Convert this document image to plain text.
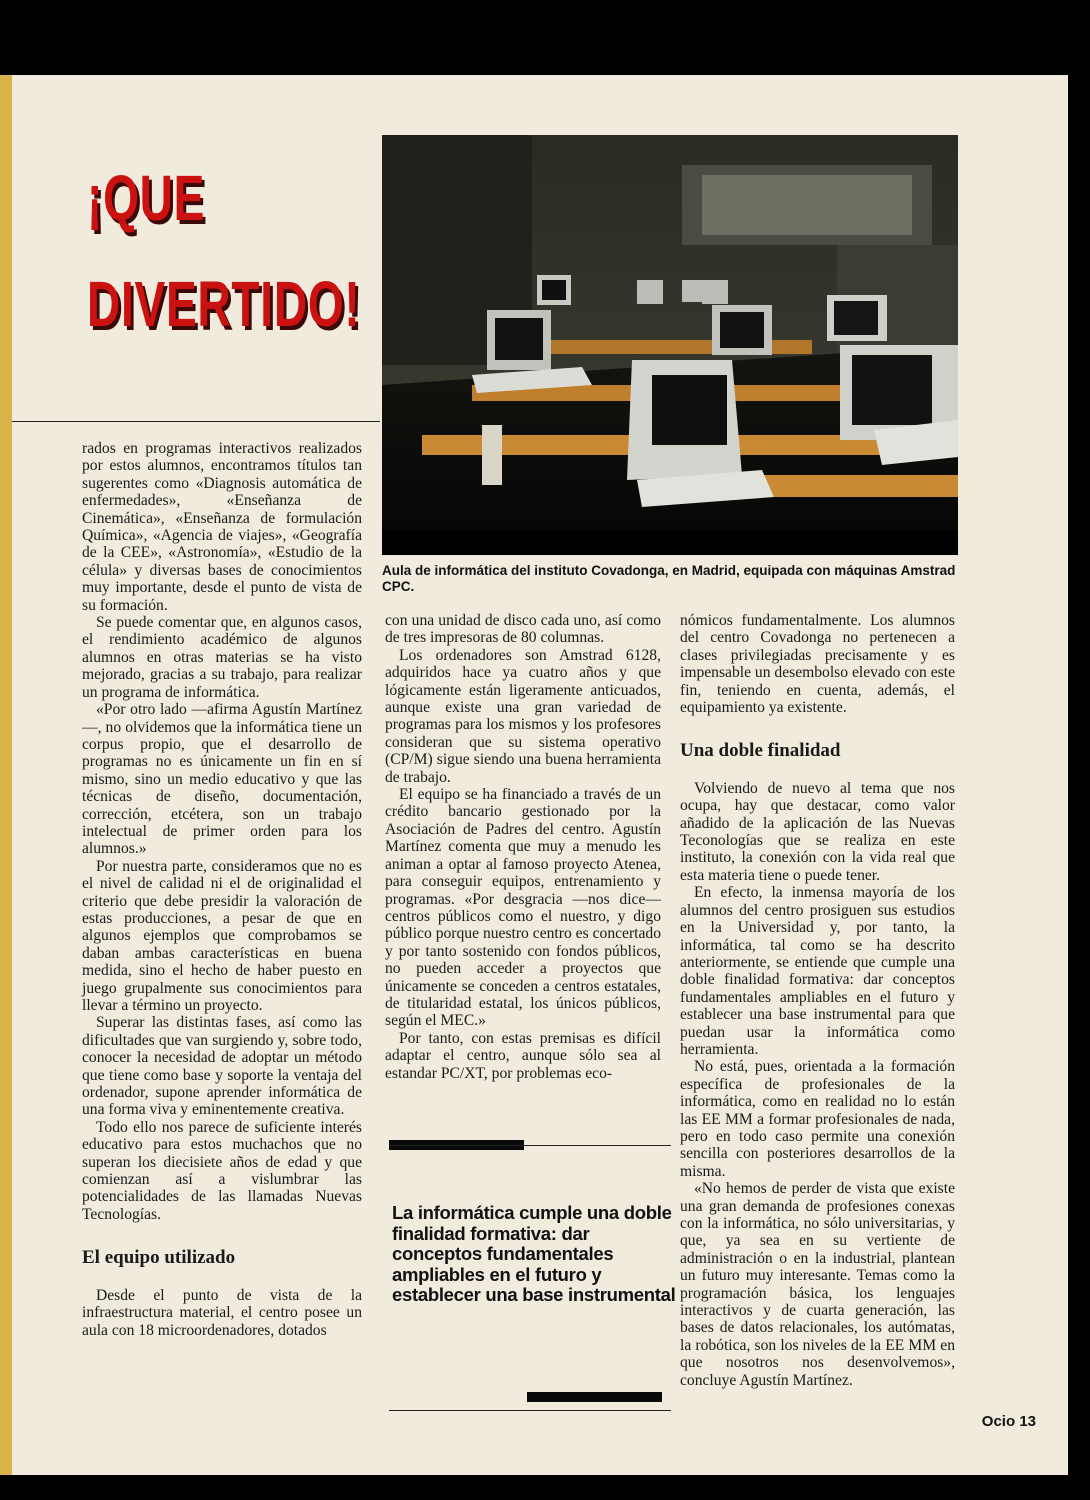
¡QUE
DIVERTIDO!

Aula de informática del instituto Covadonga, en Madrid, equipada con máquinas Amstrad CPC.

rados en programas interactivos realizados por estos alumnos, encontramos títulos tan sugerentes como «Diagnosis automática de enfermedades», «Enseñanza de Cinemática», «Enseñanza de formulación Química», «Agencia de viajes», «Geografía de la CEE», «Astronomía», «Estudio de la célula» y diversas bases de conocimientos muy importante, desde el punto de vista de su formación.

Se puede comentar que, en algunos casos, el rendimiento académico de algunos alumnos en otras materias se ha visto mejorado, gracias a su trabajo, para realizar un programa de informática.

«Por otro lado —afirma Agustín Martínez—, no olvidemos que la informática tiene un corpus propio, que el desarrollo de programas no es únicamente un fin en sí mismo, sino un medio educativo y que las técnicas de diseño, documentación, corrección, etcétera, son un trabajo intelectual de primer orden para los alumnos.»

Por nuestra parte, consideramos que no es el nivel de calidad ni el de originalidad el criterio que debe presidir la valoración de estas producciones, a pesar de que en algunos ejemplos que comprobamos se daban ambas características en buena medida, sino el hecho de haber puesto en juego grupalmente sus conocimientos para llevar a término un proyecto.

Superar las distintas fases, así como las dificultades que van surgiendo y, sobre todo, conocer la necesidad de adoptar un método que tiene como base y soporte la ventaja del ordenador, supone aprender informática de una forma viva y eminentemente creativa.

Todo ello nos parece de suficiente interés educativo para estos muchachos que no superan los diecisiete años de edad y que comienzan así a vislumbrar las potencialidades de las llamadas Nuevas Tecnologías.

El equipo utilizado

Desde el punto de vista de la infraestructura material, el centro posee un aula con 18 microordenadores, dotados

con una unidad de disco cada uno, así como de tres impresoras de 80 columnas.

Los ordenadores son Amstrad 6128, adquiridos hace ya cuatro años y que lógicamente están ligeramente anticuados, aunque existe una gran variedad de programas para los mismos y los profesores consideran que su sistema operativo (CP/M) sigue siendo una buena herramienta de trabajo.

El equipo se ha financiado a través de un crédito bancario gestionado por la Asociación de Padres del centro. Agustín Martínez comenta que muy a menudo les animan a optar al famoso proyecto Atenea, para conseguir equipos, entrenamiento y programas. «Por desgracia —nos dice— centros públicos como el nuestro, y digo público porque nuestro centro es concertado y por tanto sostenido con fondos públicos, no pueden acceder a proyectos que únicamente se conceden a centros estatales, de titularidad estatal, los únicos públicos, según el MEC.»

Por tanto, con estas premisas es difícil adaptar el centro, aunque sólo sea al estandar PC/XT, por problemas eco-

La informática cumple una doble finalidad formativa: dar conceptos fundamentales ampliables en el futuro y establecer una base instrumental

nómicos fundamentalmente. Los alumnos del centro Covadonga no pertenecen a clases privilegiadas precisamente y es impensable un desembolso elevado con este fin, teniendo en cuenta, además, el equipamiento ya existente.

Una doble finalidad

Volviendo de nuevo al tema que nos ocupa, hay que destacar, como valor añadido de la aplicación de las Nuevas Teconologías que se realiza en este instituto, la conexión con la vida real que esta materia tiene o puede tener.

En efecto, la inmensa mayoría de los alumnos del centro prosiguen sus estudios en la Universidad y, por tanto, la informática, tal como se ha descrito anteriormente, se entiende que cumple una doble finalidad formativa: dar conceptos fundamentales ampliables en el futuro y establecer una base instrumental para que puedan usar la informática como herramienta.

No está, pues, orientada a la formación específica de profesionales de la informática, como en realidad no lo están las EE MM a formar profesionales de nada, pero en todo caso permite una conexión sencilla con posteriores desarrollos de la misma.

«No hemos de perder de vista que existe una gran demanda de profesiones conexas con la informática, no sólo universitarias, y que, ya sea en su vertiente de administración o en la industrial, plantean un futuro muy interesante. Temas como la programación básica, los lenguajes interactivos y de cuarta generación, las bases de datos relacionales, los autómatas, la robótica, son los niveles de la EE MM en que nosotros nos desenvolvemos», concluye Agustín Martínez.

Ocio 13
